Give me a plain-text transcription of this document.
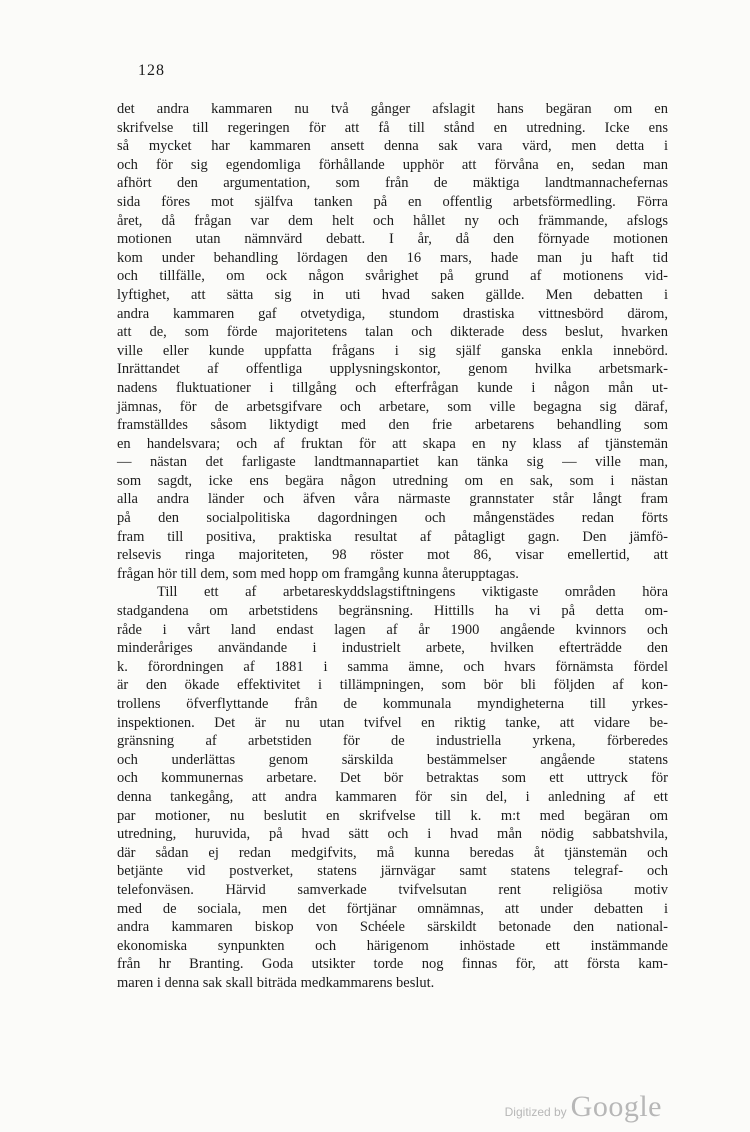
128
det andra kammaren nu två gånger afslagit hans begäran om en
skrifvelse till regeringen för att få till stånd en utredning. Icke ens
så mycket har kammaren ansett denna sak vara värd, men detta i
och för sig egendomliga förhållande upphör att förvåna en, sedan man
afhört den argumentation, som från de mäktiga landtmannachefernas
sida föres mot själfva tanken på en offentlig arbetsförmedling. Förra
året, då frågan var dem helt och hållet ny och främmande, afslogs
motionen utan nämnvärd debatt. I år, då den förnyade motionen
kom under behandling lördagen den 16 mars, hade man ju haft tid
och tillfälle, om ock någon svårighet på grund af motionens vid-
lyftighet, att sätta sig in uti hvad saken gällde. Men debatten i
andra kammaren gaf otvetydiga, stundom drastiska vittnesbörd därom,
att de, som förde majoritetens talan och dikterade dess beslut, hvarken
ville eller kunde uppfatta frågans i sig själf ganska enkla innebörd.
Inrättandet af offentliga upplysningskontor, genom hvilka arbetsmark-
nadens fluktuationer i tillgång och efterfrågan kunde i någon mån ut-
jämnas, för de arbetsgifvare och arbetare, som ville begagna sig däraf,
framställdes såsom liktydigt med den frie arbetarens behandling som
en handelsvara; och af fruktan för att skapa en ny klass af tjänstemän
— nästan det farligaste landtmannapartiet kan tänka sig — ville man,
som sagdt, icke ens begära någon utredning om en sak, som i nästan
alla andra länder och äfven våra närmaste grannstater står långt fram
på den socialpolitiska dagordningen och mångenstädes redan förts
fram till positiva, praktiska resultat af påtagligt gagn. Den jämfö-
relsevis ringa majoriteten, 98 röster mot 86, visar emellertid, att
frågan hör till dem, som med hopp om framgång kunna återupptagas.
Till ett af arbetareskyddslagstiftningens viktigaste områden höra
stadgandena om arbetstidens begränsning. Hittills ha vi på detta om-
råde i vårt land endast lagen af år 1900 angående kvinnors och
minderåriges användande i industrielt arbete, hvilken efterträdde den
k. förordningen af 1881 i samma ämne, och hvars förnämsta fördel
är den ökade effektivitet i tillämpningen, som bör bli följden af kon-
trollens öfverflyttande från de kommunala myndigheterna till yrkes-
inspektionen. Det är nu utan tvifvel en riktig tanke, att vidare be-
gränsning af arbetstiden för de industriella yrkena, förberedes
och underlättas genom särskilda bestämmelser angående statens
och kommunernas arbetare. Det bör betraktas som ett uttryck för
denna tankegång, att andra kammaren för sin del, i anledning af ett
par motioner, nu beslutit en skrifvelse till k. m:t med begäran om
utredning, huruvida, på hvad sätt och i hvad mån nödig sabbatshvila,
där sådan ej redan medgifvits, må kunna beredas åt tjänstemän och
betjänte vid postverket, statens järnvägar samt statens telegraf- och
telefonväsen. Härvid samverkade tvifvelsutan rent religiösa motiv
med de sociala, men det förtjänar omnämnas, att under debatten i
andra kammaren biskop von Schéele särskildt betonade den national-
ekonomiska synpunkten och härigenom inhöstade ett instämmande
från hr Branting. Goda utsikter torde nog finnas för, att första kam-
maren i denna sak skall biträda medkammarens beslut.
Digitized by Google
